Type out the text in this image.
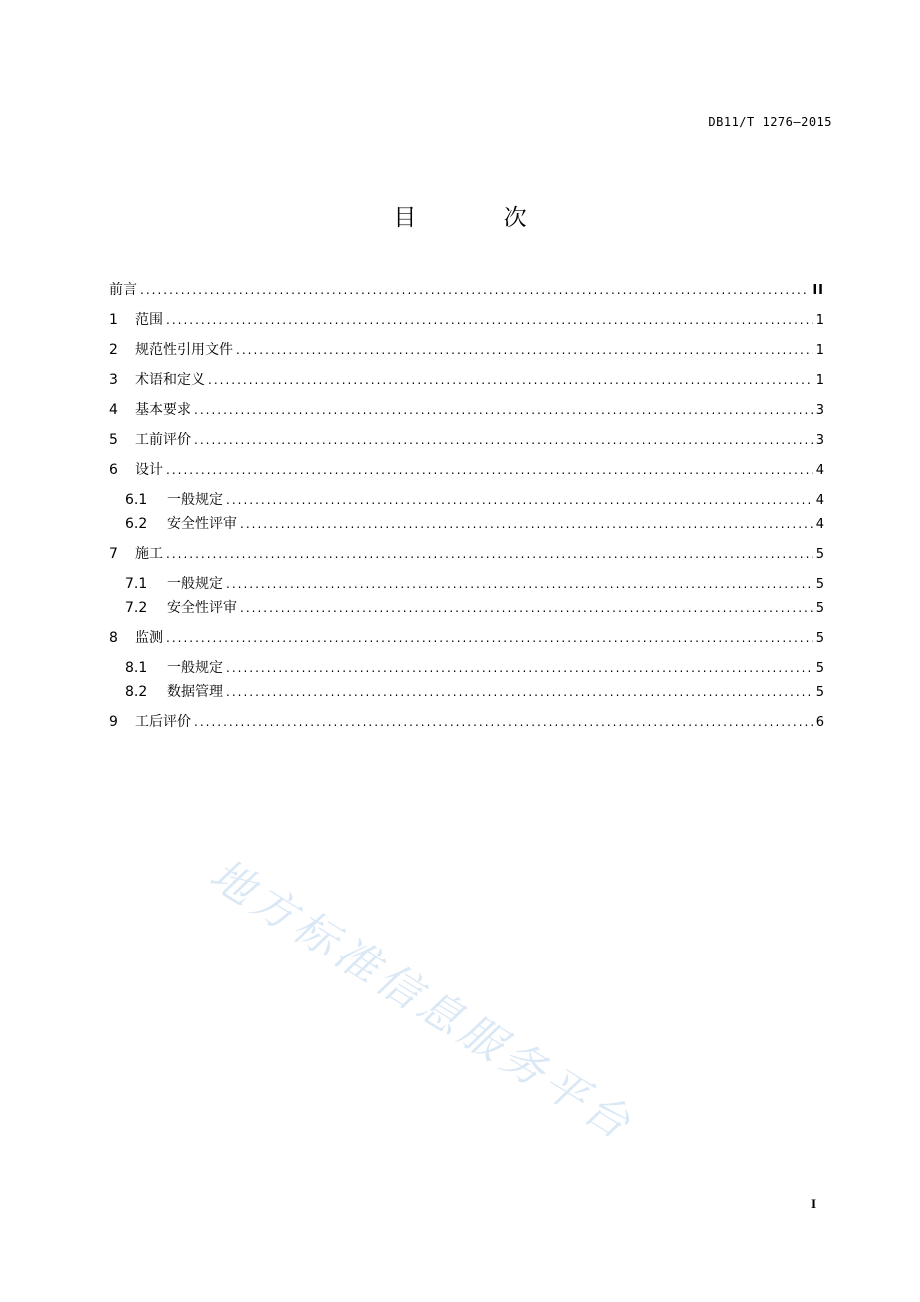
DB11/T 1276—2015
目 次
前言 .....	II
1	范围 .....	1
2	规范性引用文件 .....	1
3	术语和定义 .....	1
4	基本要求 .....	3
5	工前评价 .....	3
6	设计 .....	4
6.1	一般规定 .....	4
6.2	安全性评审 .....	4
7	施工 .....	5
7.1	一般规定 .....	5
7.2	安全性评审 .....	5
8	监测 .....	5
8.1	一般规定 .....	5
8.2	数据管理 .....	5
9	工后评价 .....	6
地方标准信息服务平台
I
